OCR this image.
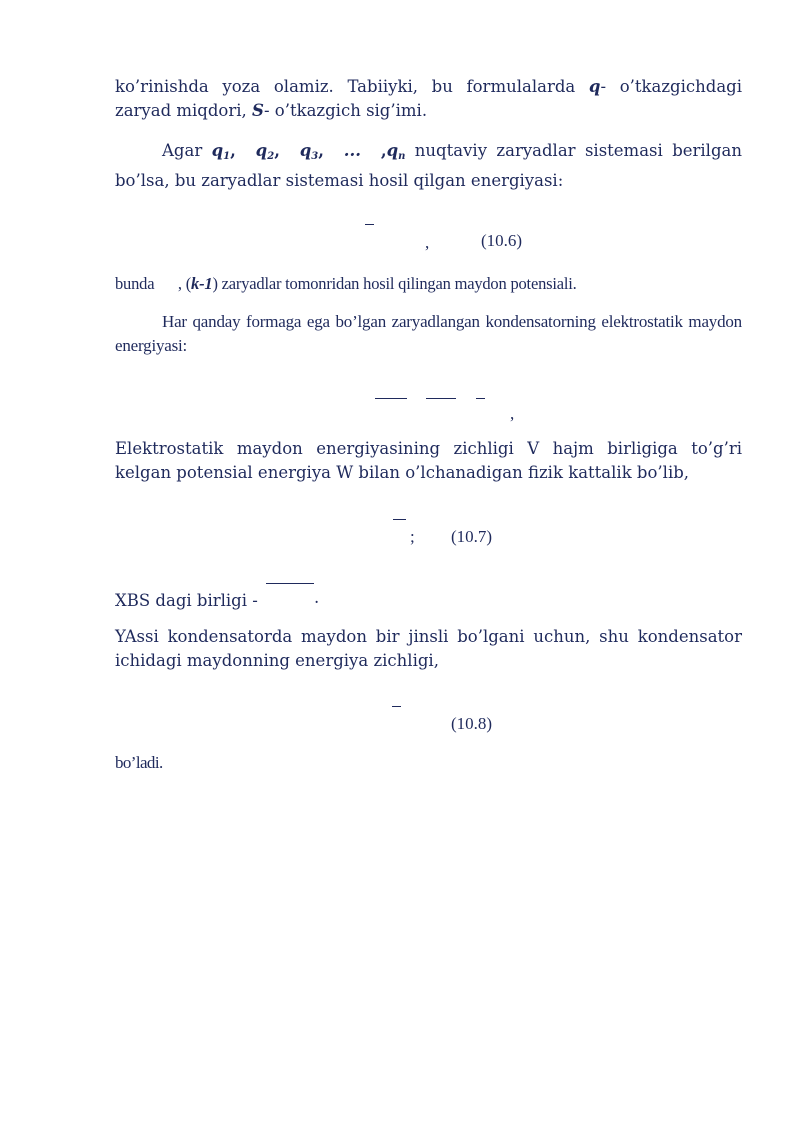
ko’rinishda yoza olamiz. Tabiiyki, bu formulalarda q- o’tkazgichdagi zaryad miqdori, S- o’tkazgich sig’imi.

Agar $q_1$,  $q_2$,  $q_3$,  ...  $,q_n$ nuqtaviy zaryadlar sistemasi berilgan bo’lsa, bu zaryadlar sistemasi hosil qilgan energiyasi:

,	(10.6)

bunda , (k-1) zaryadlar tomonridan hosil qilingan maydon potensiali.

Har qanday formaga ega bo’lgan zaryadlangan kondensatorning elektrostatik maydon energiyasi:

,

Elektrostatik maydon energiyasining zichligi V hajm birligiga to’g’ri kelgan potensial energiya W bilan o’lchanadigan fizik kattalik bo’lib,

; (10.7)

XBS dagi birligi -	.

YAssi kondensatorda maydon bir jinsli bo’lgani uchun, shu kondensator ichidagi maydonning energiya zichligi,

(10.8)

bo’ladi.
